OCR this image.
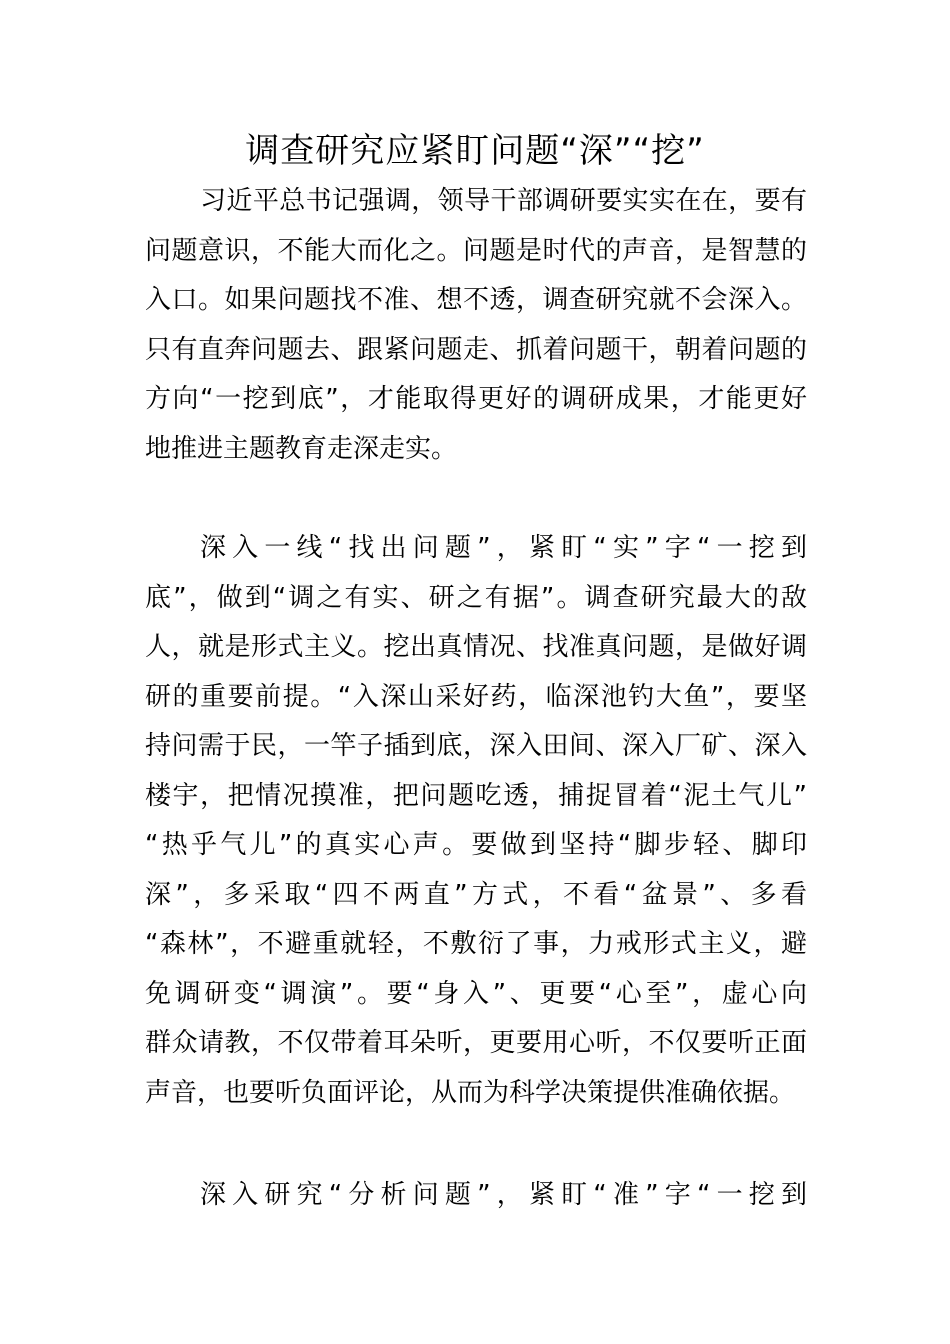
调查研究应紧盯问题“深”“挖”
习近平总书记强调，领导干部调研要实实在在，要有
问题意识，不能大而化之。问题是时代的声音，是智慧的
入口。如果问题找不准、想不透，调查研究就不会深入。
只有直奔问题去、跟紧问题走、抓着问题干，朝着问题的
方向“一挖到底”，才能取得更好的调研成果，才能更好
地推进主题教育走深走实。
深入一线“找出问题”，紧盯“实”字“一挖到
底”，做到“调之有实、研之有据”。调查研究最大的敌
人，就是形式主义。挖出真情况、找准真问题，是做好调
研的重要前提。“入深山采好药，临深池钓大鱼”，要坚
持问需于民，一竿子插到底，深入田间、深入厂矿、深入
楼宇，把情况摸准，把问题吃透，捕捉冒着“泥土气儿”
“热乎气儿”的真实心声。要做到坚持“脚步轻、脚印
深”，多采取“四不两直”方式，不看“盆景”、多看
“森林”，不避重就轻，不敷衍了事，力戒形式主义，避
免调研变“调演”。要“身入”、更要“心至”，虚心向
群众请教，不仅带着耳朵听，更要用心听，不仅要听正面
声音，也要听负面评论，从而为科学决策提供准确依据。
深入研究“分析问题”，紧盯“准”字“一挖到
